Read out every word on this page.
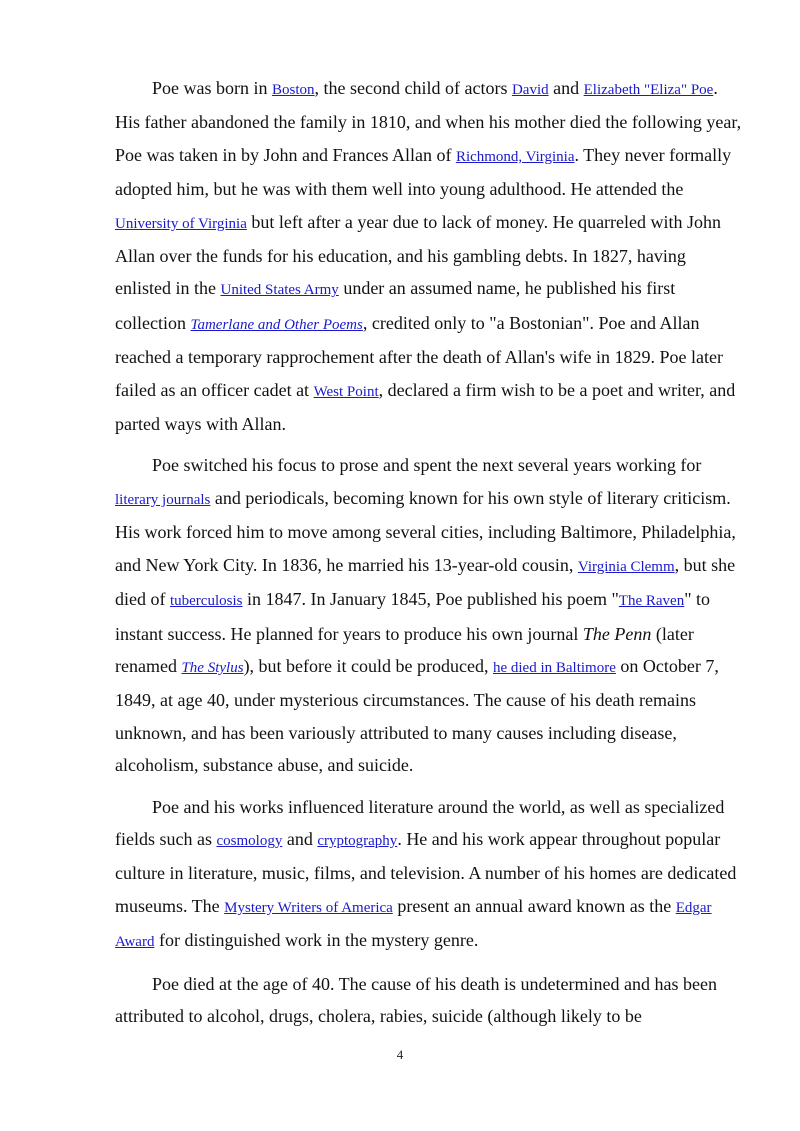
Poe was born in Boston, the second child of actors David and Elizabeth "Eliza" Poe. His father abandoned the family in 1810, and when his mother died the following year, Poe was taken in by John and Frances Allan of Richmond, Virginia. They never formally adopted him, but he was with them well into young adulthood. He attended the University of Virginia but left after a year due to lack of money. He quarreled with John Allan over the funds for his education, and his gambling debts. In 1827, having enlisted in the United States Army under an assumed name, he published his first collection Tamerlane and Other Poems, credited only to "a Bostonian". Poe and Allan reached a temporary rapprochement after the death of Allan's wife in 1829. Poe later failed as an officer cadet at West Point, declared a firm wish to be a poet and writer, and parted ways with Allan.

Poe switched his focus to prose and spent the next several years working for literary journals and periodicals, becoming known for his own style of literary criticism. His work forced him to move among several cities, including Baltimore, Philadelphia, and New York City. In 1836, he married his 13-year-old cousin, Virginia Clemm, but she died of tuberculosis in 1847. In January 1845, Poe published his poem "The Raven" to instant success. He planned for years to produce his own journal The Penn (later renamed The Stylus), but before it could be produced, he died in Baltimore on October 7, 1849, at age 40, under mysterious circumstances. The cause of his death remains unknown, and has been variously attributed to many causes including disease, alcoholism, substance abuse, and suicide.

Poe and his works influenced literature around the world, as well as specialized fields such as cosmology and cryptography. He and his work appear throughout popular culture in literature, music, films, and television. A number of his homes are dedicated museums. The Mystery Writers of America present an annual award known as the Edgar Award for distinguished work in the mystery genre.

Poe died at the age of 40. The cause of his death is undetermined and has been attributed to alcohol, drugs, cholera, rabies, suicide (although likely to be

4
